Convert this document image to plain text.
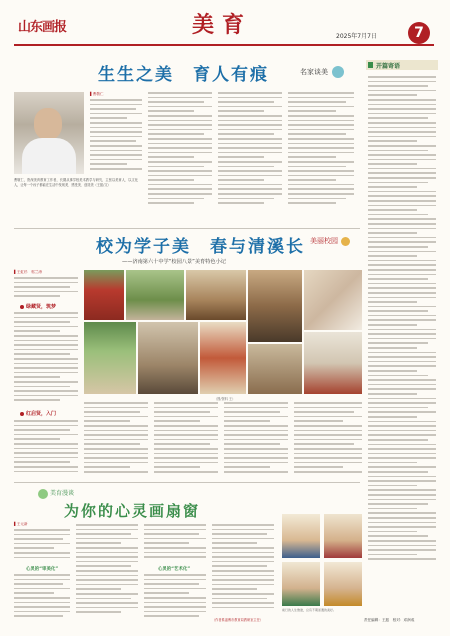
山东画报	美育	2025年7月7日	7
生生之美　育人有痕	名家谈美
曹敬仁，资深美育教育工作者，长期从事学校美术教学与研究，主张以美育人、以文化人，让每一个孩子都能在生活中发现美、感受美、创造美（王振/文）
▌曹敬仁
开篇寄语
校为学子美　春与清溪长 美丽校园
——济南第六十中学“校园八景”美育特色小记
▌王虹杉　郭兰涛
绿藏贤，筑梦
红启贤，入门
（图/资料 王）
美育漫谈
为你的心灵画扇窗
▌王元新
心灵的“审美化”	心灵的“艺术化”
（作者系淄博市教育局教研室主任）
前行的人生旅途，总有不期而遇的美好。
责任编辑：王振　校对：邓润成
